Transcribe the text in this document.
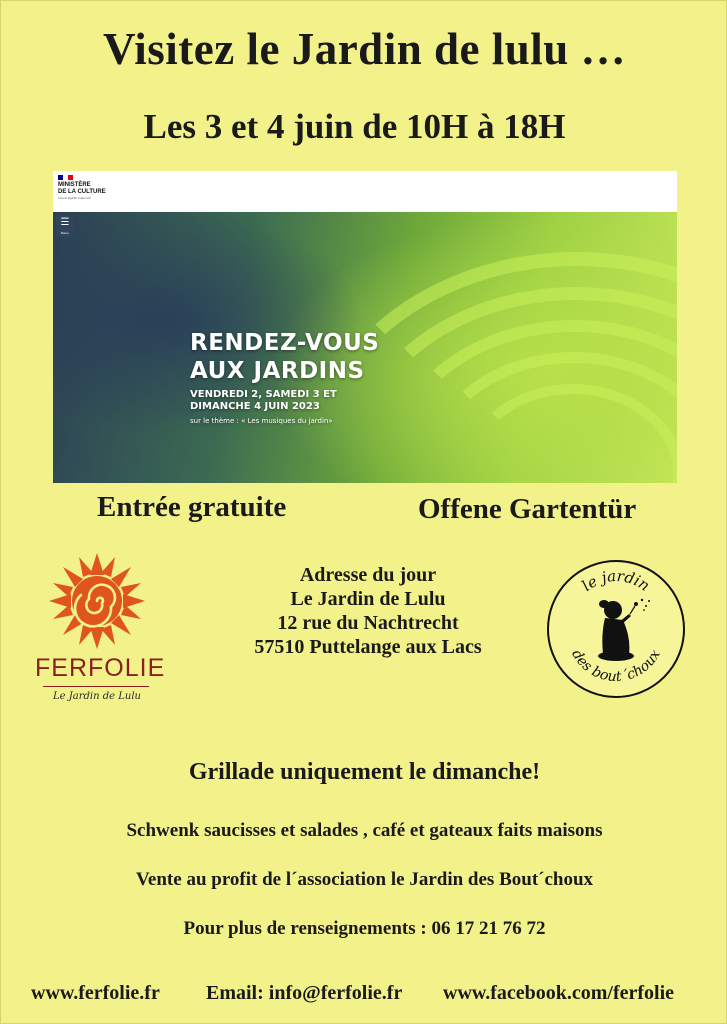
Visitez le Jardin de lulu …
Les 3 et 4 juin de 10H à 18H
MINISTÈRE
DE LA CULTURE
Liberté Égalité Fraternité
☰
Menu
RENDEZ-VOUS
AUX JARDINS
VENDREDI 2, SAMEDI 3 ET
DIMANCHE 4 JUIN 2023
sur le thème : « Les musiques du jardin»
Entrée gratuite	Offene Gartentür
FERFOLIE
Le Jardin de Lulu
Adresse du jour
Le Jardin de Lulu
12 rue du Nachtrecht
57510 Puttelange aux Lacs
le jardin
des bout´choux
Grillade uniquement le dimanche!
Schwenk saucisses et salades , café et gateaux faits maisons
Vente au profit de l´association le Jardin des Bout´choux
Pour plus de renseignements : 06 17 21 76 72
www.ferfolie.fr Email: info@ferfolie.fr www.facebook.com/ferfolie
